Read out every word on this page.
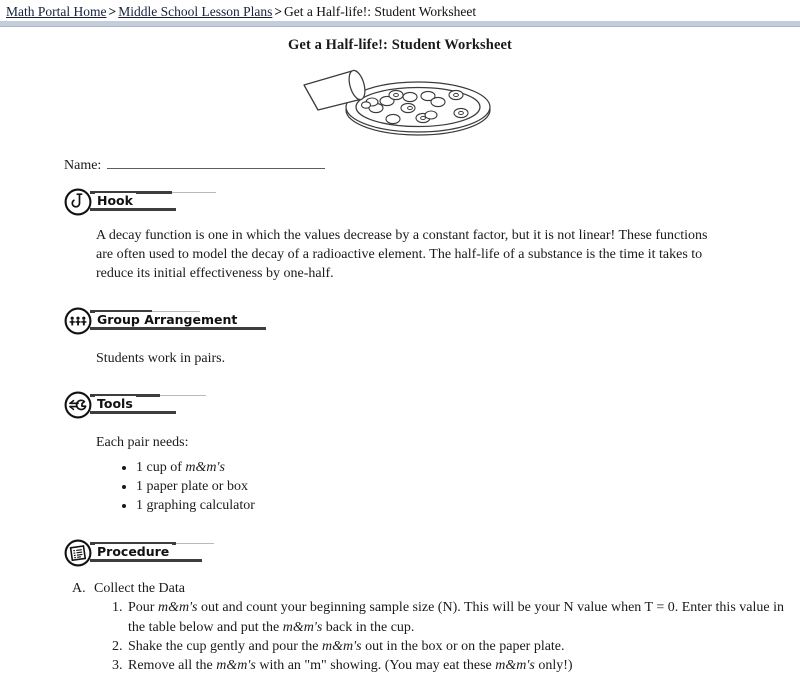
Math Portal Home > Middle School Lesson Plans > Get a Half-life!: Student Worksheet
Get a Half-life!: Student Worksheet
Name:
Hook
A decay function is one in which the values decrease by a constant factor, but it is not linear! These functions are often used to model the decay of a radioactive element. The half-life of a substance is the time it takes to reduce its initial effectiveness by one-half.
Group Arrangement
Students work in pairs.
Tools
Each pair needs:
• 1 cup of m&m's
• 1 paper plate or box
• 1 graphing calculator
Procedure
A. Collect the Data
1. Pour m&m's out and count your beginning sample size (N). This will be your N value when T = 0. Enter this value in the table below and put the m&m's back in the cup.
2. Shake the cup gently and pour the m&m's out in the box or on the paper plate.
3. Remove all the m&m's with an "m" showing. (You may eat these m&m's only!)
